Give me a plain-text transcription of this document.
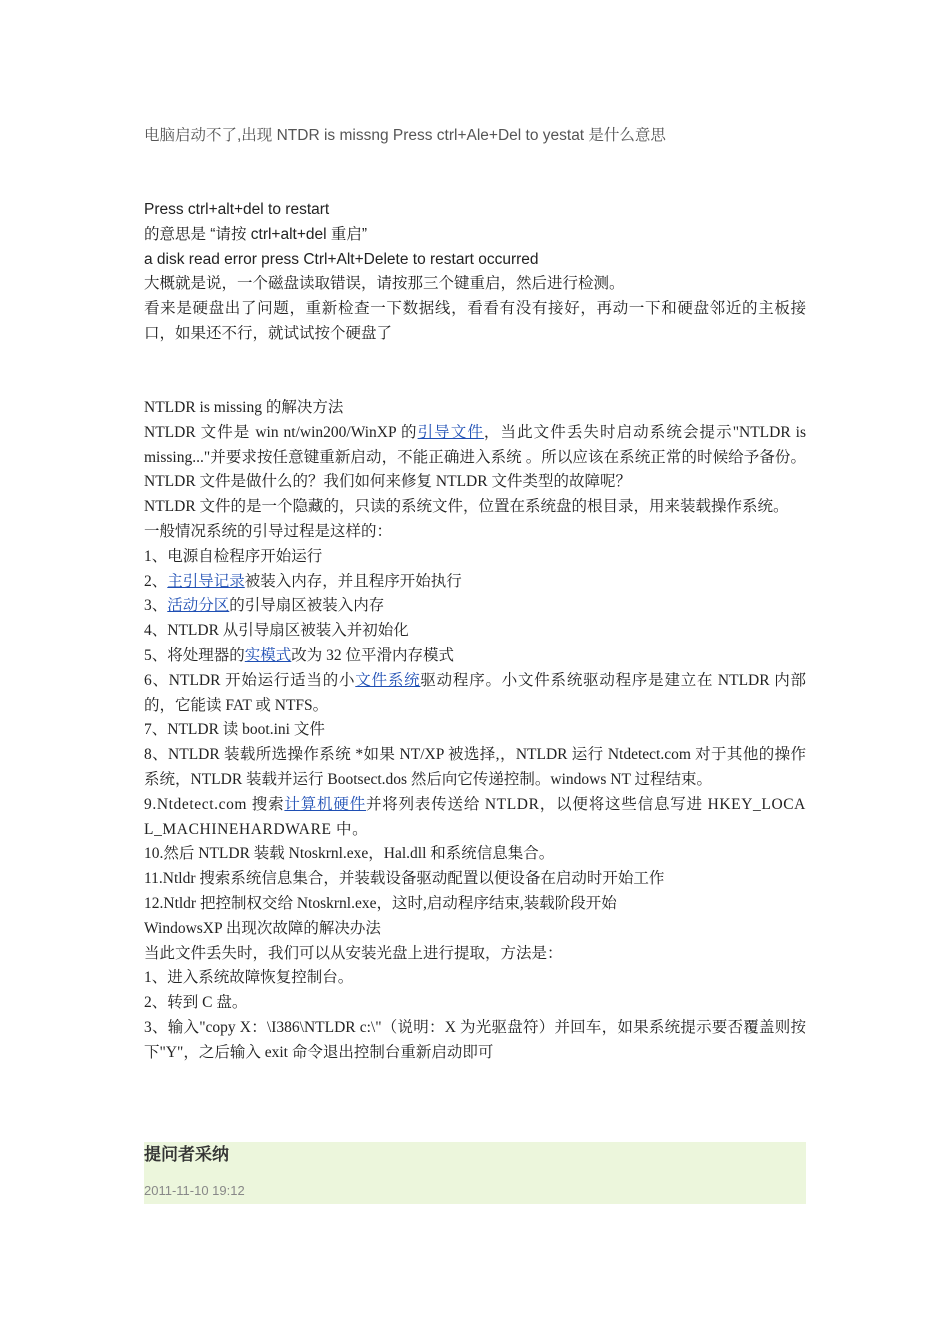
电脑启动不了,出现 NTDR is missng Press ctrl+Ale+Del to yestat 是什么意思

Press ctrl+alt+del to restart

的意思是 “请按 ctrl+alt+del 重启”

a disk read error press Ctrl+Alt+Delete to restart occurred

大概就是说，一个磁盘读取错误，请按那三个键重启，然后进行检测。

看来是硬盘出了问题，重新检查一下数据线，看看有没有接好，再动一下和硬盘邻近的主板接口，如果还不行，就试试按个硬盘了

NTLDR is missing 的解决方法

NTLDR 文件是 win nt/win200/WinXP 的引导文件，当此文件丢失时启动系统会提示"NTLDR is missing..."并要求按任意键重新启动，不能正确进入系统 。所以应该在系统正常的时候给予备份。 NTLDR 文件是做什么的？我们如何来修复 NTLDR 文件类型的故障呢？

NTLDR 文件的是一个隐藏的，只读的系统文件，位置在系统盘的根目录，用来装载操作系统。

一般情况系统的引导过程是这样的：

1、电源自检程序开始运行

2、主引导记录被装入内存，并且程序开始执行

3、活动分区的引导扇区被装入内存

4、NTLDR 从引导扇区被装入并初始化

5、将处理器的实模式改为 32 位平滑内存模式

6、NTLDR 开始运行适当的小文件系统驱动程序。小文件系统驱动程序是建立在 NTLDR 内部的，它能读 FAT 或 NTFS。

7、NTLDR 读 boot.ini 文件

8、NTLDR 装载所选操作系统 *如果 NT/XP 被选择,，NTLDR 运行 Ntdetect.com 对于其他的操作系统，NTLDR 装载并运行 Bootsect.dos 然后向它传递控制。windows NT 过程结束。

9.Ntdetect.com 搜索计算机硬件并将列表传送给 NTLDR，以便将这些信息写进 HKEY_LOCAL_MACHINEHARDWARE 中。

10.然后 NTLDR 装载 Ntoskrnl.exe，Hal.dll 和系统信息集合。

11.Ntldr 搜索系统信息集合，并装载设备驱动配置以便设备在启动时开始工作

12.Ntldr 把控制权交给 Ntoskrnl.exe，这时,启动程序结束,装载阶段开始

WindowsXP 出现次故障的解决办法

当此文件丢失时，我们可以从安装光盘上进行提取，方法是：

1、进入系统故障恢复控制台。

2、转到 C 盘。

3、输入"copy X：\I386\NTLDR c:\"（说明：X 为光驱盘符）并回车，如果系统提示要否覆盖则按下"Y"，之后输入 exit 命令退出控制台重新启动即可

提问者采纳
2011-11-10 19:12
